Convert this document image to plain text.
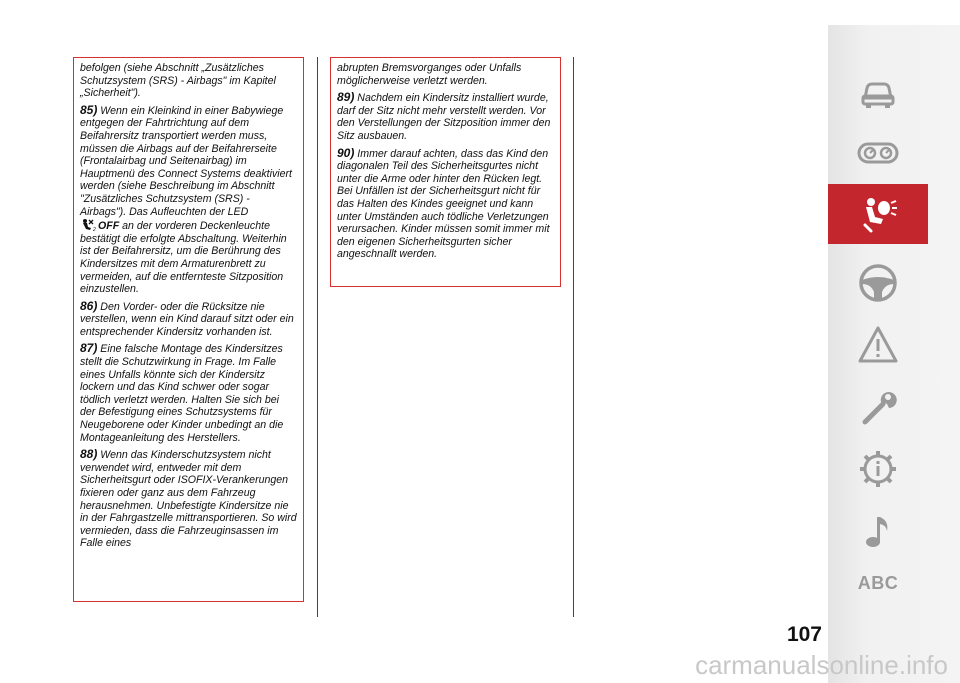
befolgen (siehe Abschnitt „Zusätzliches Schutzsystem (SRS) - Airbags" im Kapitel „Sicherheit").

85) Wenn ein Kleinkind in einer Babywiege entgegen der Fahrtrichtung auf dem Beifahrersitz transportiert werden muss, müssen die Airbags auf der Beifahrerseite (Frontalairbag und Seitenairbag) im Hauptmenü des Connect Systems deaktiviert werden (siehe Beschreibung im Abschnitt "Zusätzliches Schutzsystem (SRS) - Airbags"). Das Aufleuchten der LED
2 OFF an der vorderen Deckenleuchte bestätigt die erfolgte Abschaltung. Weiterhin ist der Beifahrersitz, um die Berührung des Kindersitzes mit dem Armaturenbrett zu vermeiden, auf die entfernteste Sitzposition einzustellen.

86) Den Vorder- oder die Rücksitze nie verstellen, wenn ein Kind darauf sitzt oder ein entsprechender Kindersitz vorhanden ist.

87) Eine falsche Montage des Kindersitzes stellt die Schutzwirkung in Frage. Im Falle eines Unfalls könnte sich der Kindersitz lockern und das Kind schwer oder sogar tödlich verletzt werden. Halten Sie sich bei der Befestigung eines Schutzsystems für Neugeborene oder Kinder unbedingt an die Montageanleitung des Herstellers.

88) Wenn das Kinderschutzsystem nicht verwendet wird, entweder mit dem Sicherheitsgurt oder ISOFIX-Verankerungen fixieren oder ganz aus dem Fahrzeug herausnehmen. Unbefestigte Kindersitze nie in der Fahrgastzelle mittransportieren. So wird vermieden, dass die Fahrzeuginsassen im Falle eines

abrupten Bremsvorganges oder Unfalls möglicherweise verletzt werden.

89) Nachdem ein Kindersitz installiert wurde, darf der Sitz nicht mehr verstellt werden. Vor den Verstellungen der Sitzposition immer den Sitz ausbauen.

90) Immer darauf achten, dass das Kind den diagonalen Teil des Sicherheitsgurtes nicht unter die Arme oder hinter den Rücken legt. Bei Unfällen ist der Sicherheitsgurt nicht für das Halten des Kindes geeignet und kann unter Umständen auch tödliche Verletzungen verursachen. Kinder müssen somit immer mit den eigenen Sicherheitsgurten sicher angeschnallt werden.

ABC
107
carmanualsonline.info
